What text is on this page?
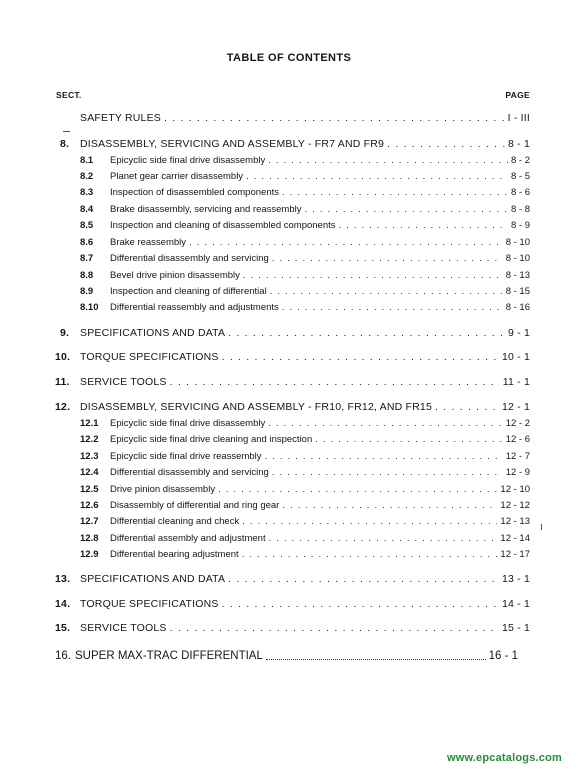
TABLE OF CONTENTS
SECT.	PAGE
SAFETY RULES . . .	I - III
8.	DISASSEMBLY, SERVICING AND ASSEMBLY - FR7 AND FR9 . . .	8 - 1
8.1	Epicyclic side final drive disassembly . . .	8 - 2
8.2	Planet gear carrier disassembly . . .	8 - 5
8.3	Inspection of disassembled components . . .	8 - 6
8.4	Brake disassembly, servicing and reassembly . . .	8 - 8
8.5	Inspection and cleaning of disassembled components . . .	8 - 9
8.6	Brake reassembly . . .	8 - 10
8.7	Differential disassembly and servicing . . .	8 - 10
8.8	Bevel drive pinion disassembly . . .	8 - 13
8.9	Inspection and cleaning of differential . . .	8 - 15
8.10	Differential reassembly and adjustments . . .	8 - 16
9.	SPECIFICATIONS AND DATA . . .	9 - 1
10. TORQUE SPECIFICATIONS . . .	10 - 1
11. SERVICE TOOLS . . .	11 - 1
12. DISASSEMBLY, SERVICING AND ASSEMBLY - FR10, FR12, AND FR15 . . .	12 - 1
12.1	Epicyclic side final drive disassembly . . .	12 - 2
12.2	Epicyclic side final drive cleaning and inspection . . .	12 - 6
12.3	Epicyclic side final drive reassembly . . .	12 - 7
12.4	Differential disassembly and servicing . . .	12 - 9
12.5	Drive pinion disassembly . . .	12 - 10
12.6	Disassembly of differential and ring gear . . .	12 - 12
12.7	Differential cleaning and check . . .	12 - 13
12.8	Differential assembly and adjustment . . .	12 - 14
12.9	Differential bearing adjustment . . .	12 - 17
13. SPECIFICATIONS AND DATA . . .	13 - 1
14. TORQUE SPECIFICATIONS . . .	14 - 1
15. SERVICE TOOLS . . .	15 - 1
16. SUPER MAX-TRAC DIFFERENTIAL	16 - 1
www.epcatalogs.com
